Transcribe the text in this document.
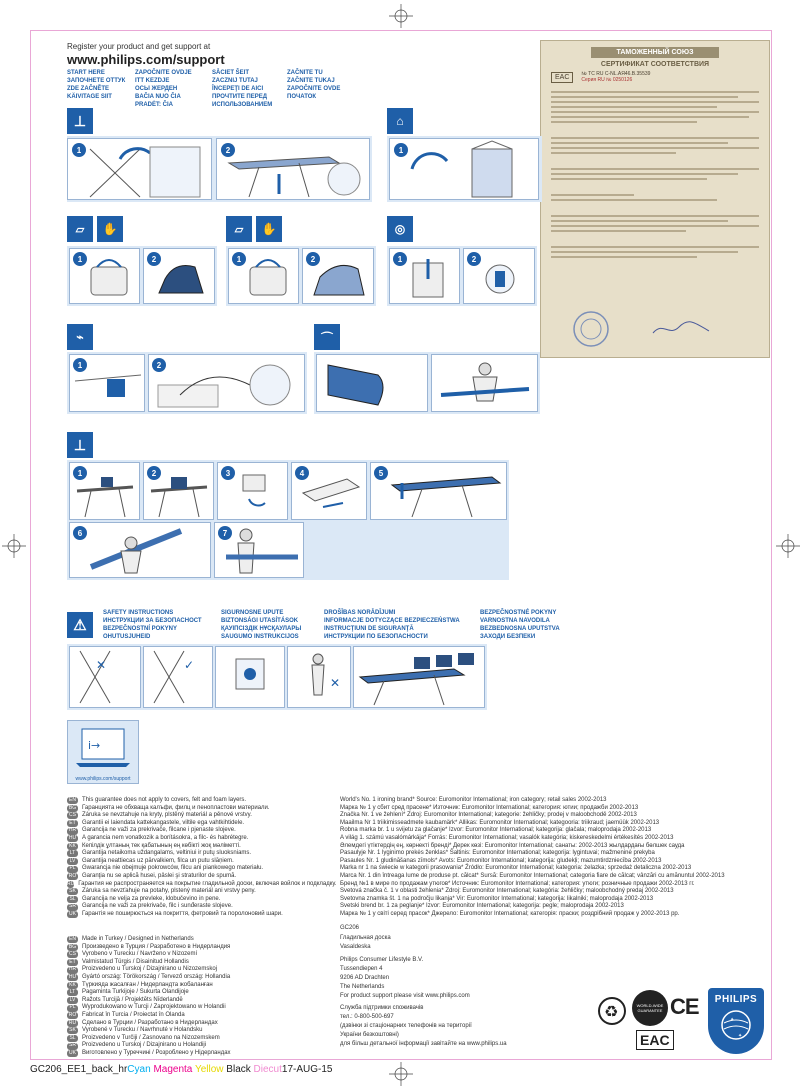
Register your product and get support at
www.philips.com/support
START HERE
ЗАПОЧНЕТЕ ОТТУК
ZDE ZAČNĚTE
KÄIVITAGE SIIT
ZAPOČNITE OVDJE
ITT KEZDJE
ОСЫ ЖЕРДЕН
BAČIA NUO ČIA
PRADĖT: ČIA
SĀCIET ŠEIT
ZACZNIJ TUTAJ
ÎNCEPEŢI DE AICI
ПРОЧТИТЕ ПЕРЕД
ИСПОЛЬЗОВАНИЕМ
ZAČNITE TU
ZAČNITE TUKAJ
ZAPOČNITE OVDE
ПОЧАТОК
ТАМОЖЕННЫЙ СОЮЗ
СЕРТИФИКАТ СООТВЕТСТВИЯ
EAC	№ ТС RU С-NL.АЯ46.В.35539
Серия RU № 0250126
⊥
1	2
⌂
1
▱	✋
1	2
▱	✋
1	2
◎
1	2
⌁
1	2
⌒
⊥
1	2	3	4	5
6	7
⚠
SAFETY INSTRUCTIONS
ИНСТРУКЦИИ ЗА БЕЗОПАСНОСТ
BEZPEČNOSTNÍ POKYNY
OHUTUSJUHEID
SIGURNOSNE UPUTE
BIZTONSÁGI UTASÍTÁSOK
ҚАУІПСІЗДІК НҰСҚАУЛАРЫ
SAUGUMO INSTRUKCIJOS
DROŠĪBAS NORĀDĪJUMI
INFORMACJE DOTYCZĄCE BEZPIECZEŃSTWA
INSTRUCŢIUNI DE SIGURANŢĂ
ИНСТРУКЦИИ ПО БЕЗОПАСНОСТИ
BEZPEČNOSTNÉ POKYNY
VARNOSTNA NAVODILA
BEZBEDNOSNA UPUTSTVA
ЗАХОДИ БЕЗПЕКИ
✕	✓
✕
i→
www.philips.com/support
EN	This guarantee does not apply to covers, felt and foam layers.
BG Гаранцията не обхваща калъфи, филц и пенопластови материали.
CS	Záruka se nevztahuje na kryty, plstěný materiál a pěnové vrstvy.
ET	Garantii ei laiendata kattekangastele, viltile ega vahtkihtidele.
HR Garancija ne važi za prekrivače, filcane i pjenaste slojeve.
HU A garancia nem vonatkozik a borításokra, a filc- és habrétegre.
KK	Кепілдік ұлтаның тек қабатының ең көбікті жоқ мәліметті.
LT	Garantija netaikoma uždangalams, veltiniui ir putų sluoksniams.
LV	Garantija neattiecas uz pārvalkiem, filca un putu slāņiem.
PL	Gwarancja nie obejmuje pokrowców, filcu ani piankowego materiału.
RO Garanţia nu se aplică husei, pâslei şi straturilor de spumă.
RU Гарантия не распространяется на покрытие гладильной доски, включая войлок и подкладку.
SK	Záruka sa nevzťahuje na potahy, plstený materiál ani vrstvy peny.
SL	Garancija ne velja za prevleke, klobučevino in pene.
SR	Garancija ne važi za prekrivače, filc i sunđeraste slojeve.
UK	Гарантія не поширюється на покриття, фетровий та поролоновий шари.
EN	Made in Turkey / Designed in Netherlands
BG Произведено в Турция / Разработено в Нидерландия
CS	Vyrobeno v Turecku / Navrženo v Nizozemí
ET	Valmistatud Türgis / Disainitud Hollandis
HR Proizvedeno u Turskoj / Dizajnirano u Nizozemskoj
HU Gyártó ország: Törökország / Tervező ország: Hollandia
KK	Түркияда жасалған / Нидерландта жобаланған
LT	Pagaminta Turkijoje / Sukurta Olandijoje
LV	Ražots Turcijā / Projektēts Nīderlandē
PL	Wyprodukowano w Turcji / Zaprojektowano w Holandii
RO Fabricat în Turcia / Proiectat în Olanda
RU Сделано в Турции / Разработано в Нидерландах
SK	Vyrobené v Turecku / Navrhnuté v Holandsku
SL	Proizvedeno v Turčiji / Zasnovano na Nizozemskem
SR	Proizvedeno u Turskoj / Dizajnirano u Holandiji
UK	Виготовлено у Туреччині / Розроблено у Нідерландах
World's No. 1 ironing brand* Source: Euromonitor International; iron category; retail sales 2002-2013
Марка № 1 у сбит сред прасене* Източник: Euromonitor International; категория: ютии; продажби 2002-2013
Značka Nr. 1 ve žehlení* Zdroj: Euromonitor International; kategorie: žehličky; prodej v maloobchodě 2002-2013
Maailma Nr 1 triikimisseadmete kaubamärk* Allikas: Euromonitor International; kategooria: triikraud; jaemüük 2002-2013
Robna marka br. 1 u svijetu za glačanje* Izvor: Euromonitor International; kategorija: glačala; maloprodaja 2002-2013
A világ 1. számú vasalómárkája* Forrás: Euromonitor International; vasalók kategória; kiskereskedelmi értékesítés 2002-2013
Әлемдегі үтіктердің ең, көрнекті бренді* Дерек көзі: Euromonitor International; санаты: 2002-2013 жылдардағы бөлшек сауда
Pasaulyje Nr. 1 lyginimo prekės ženklas* Šaltinis: Euromonitor International; kategorija: lygintuvai; mažmeninė prekyba
Pasaules Nr. 1 gludināšanas zīmols* Avots: Euromonitor International; kategorija: gludekļi; mazumtirdzniecība 2002-2013
Marka nr 1 na świecie w kategorii prasowania* Źródło: Euromonitor International; kategoria: żelazka; sprzedaż detaliczna 2002-2013
Marca Nr. 1 din întreaga lume de produse pt. călcat* Sursă: Euromonitor International; categoria fiare de călcat; vânzări cu amănuntul 2002-2013
Бренд №1 в мире по продажам утюгов* Источник: Euromonitor International; категория: утюги; розничные продажи 2002-2013 гг.
Svetová značka č. 1 v oblasti žehlenia* Zdroj: Euromonitor International; kategória: žehličky; maloobchodný predaj 2002-2013
Svetovna znamka št. 1 na področju likanja* Vir: Euromonitor International; kategorija: likalniki; maloprodaja 2002-2013
Svetski brend br. 1 za peglanje* Izvor: Euromonitor International; kategorija: pegle; maloprodaja 2002-2013
Марка № 1 у світі серед прасок* Джерело: Euromonitor International; категорія: праски; роздрібний продаж у 2002-2013 рр.
GC206
Гладильная доска
Vasaldeska
Philips Consumer Lifestyle B.V.
Tussendiepen 4
9206 AD Drachten
The Netherlands
For product support please visit www.philips.com
Служба підтримки споживачів
тел.: 0-800-500-697
(дзвінки зі стаціонарних телефонів на території
України безкоштовні)
для більш детальної інформації завітайте на www.philips.ua
♻	WORLD-WIDE GUARANTEE CE
EAC
PHILIPS
✦
✦
GC206_EE1_back_hrCyan Magenta Yellow Black Diecut17-AUG-15
